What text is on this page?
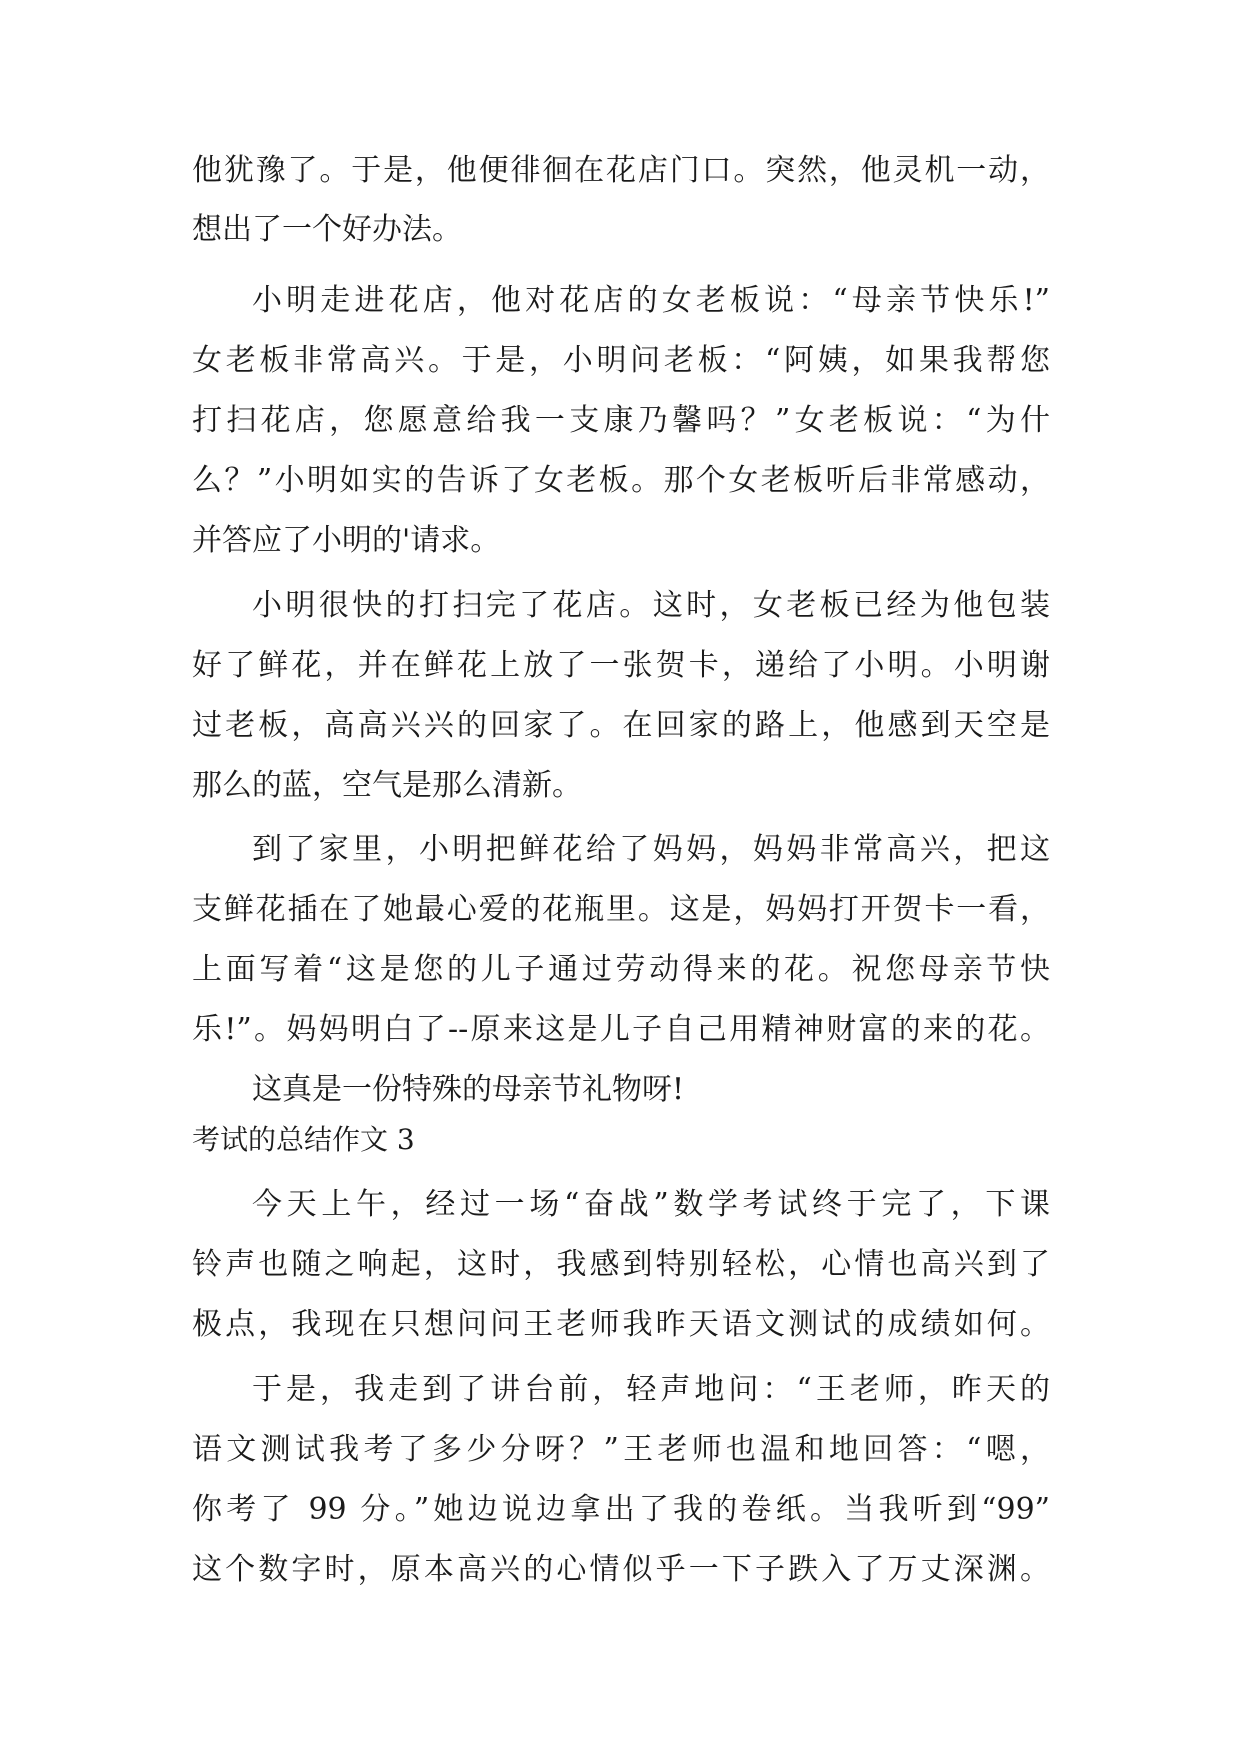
他犹豫了。于是，他便徘徊在花店门口。突然，他灵机一动，
想出了一个好办法。
小明走进花店，他对花店的女老板说：“母亲节快乐!”
女老板非常高兴。于是，小明问老板：“阿姨，如果我帮您
打扫花店，您愿意给我一支康乃馨吗？”女老板说：“为什
么？”小明如实的告诉了女老板。那个女老板听后非常感动，
并答应了小明的'请求。
小明很快的打扫完了花店。这时，女老板已经为他包装
好了鲜花，并在鲜花上放了一张贺卡，递给了小明。小明谢
过老板，高高兴兴的回家了。在回家的路上，他感到天空是
那么的蓝，空气是那么清新。
到了家里，小明把鲜花给了妈妈，妈妈非常高兴，把这
支鲜花插在了她最心爱的花瓶里。这是，妈妈打开贺卡一看，
上面写着“这是您的儿子通过劳动得来的花。祝您母亲节快
乐!”。妈妈明白了--原来这是儿子自己用精神财富的来的花。
这真是一份特殊的母亲节礼物呀!
考试的总结作文 3
今天上午，经过一场“奋战”数学考试终于完了，下课
铃声也随之响起，这时，我感到特别轻松，心情也高兴到了
极点，我现在只想问问王老师我昨天语文测试的成绩如何。
于是，我走到了讲台前，轻声地问：“王老师，昨天的
语文测试我考了多少分呀？”王老师也温和地回答：“嗯，
你考了 99 分。”她边说边拿出了我的卷纸。当我听到“99”
这个数字时，原本高兴的心情似乎一下子跌入了万丈深渊。
